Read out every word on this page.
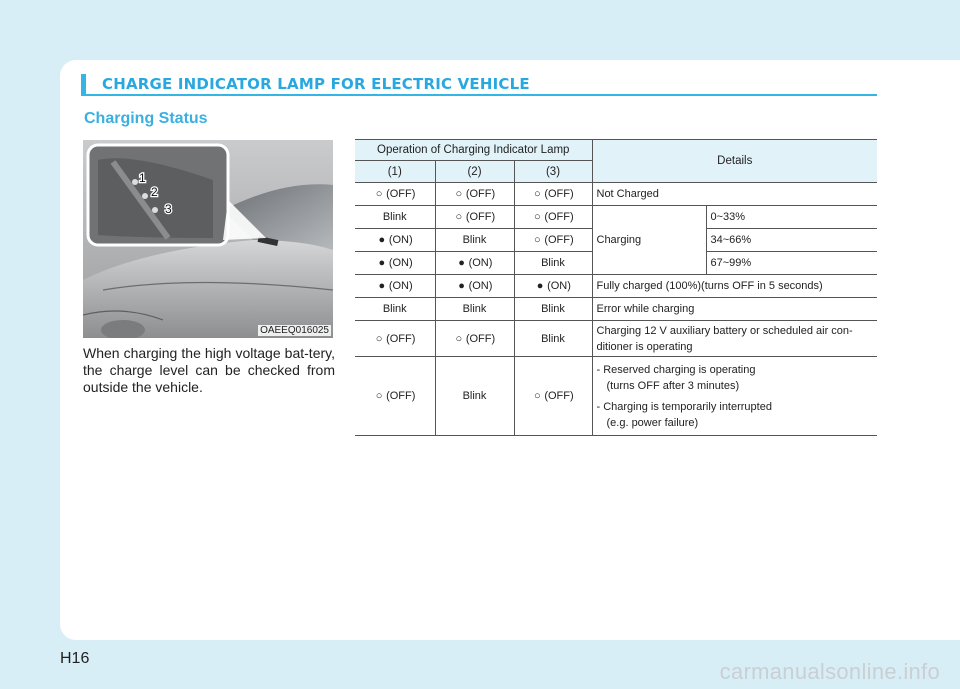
CHARGE INDICATOR LAMP FOR ELECTRIC VEHICLE
Charging Status
1
2
3
OAEEQ016025
When charging the high voltage bat-tery, the charge level can be checked from outside the vehicle.
Operation of Charging Indicator Lamp			Details	
(1)	(2)	(3)		
○ (OFF)	○ (OFF)	○ (OFF)	Not Charged	
Blink	○ (OFF)	○ (OFF)	Charging	0~33%
● (ON)	Blink	○ (OFF)		34~66%
● (ON)	● (ON)	Blink		67~99%
● (ON)	● (ON)	● (ON)	Fully charged (100%)(turns OFF in 5 seconds)	
Blink	Blink	Blink	Error while charging	
○ (OFF)	○ (OFF)	Blink	Charging 12 V auxiliary battery or scheduled air con-
ditioner is operating	

○ (OFF)	Blink	○ (OFF)	- Reserved charging is operating
(turns OFF after 3 minutes)
- Charging is temporarily interrupted
(e.g. power failure)	
H16
carmanualsonline.info
